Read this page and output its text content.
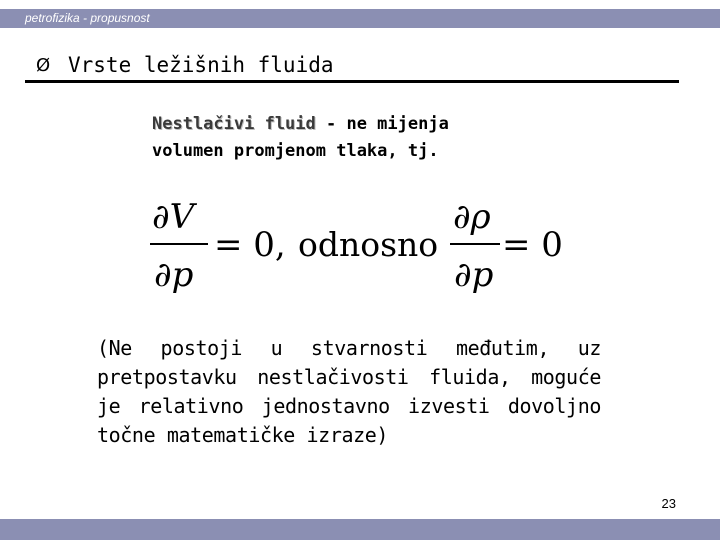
petrofizika - propusnost
Ø Vrste ležišnih fluida
Nestlačivi fluid - ne mijenja
volumen promjenom tlaka, tj.
∂V
∂p
= 0, odnosno
∂ρ
∂p
= 0
(Ne postoji u stvarnosti međutim, uz pretpostavku nestlačivosti fluida, moguće je relativno jednostavno izvesti dovoljno točne matematičke izraze)
23
